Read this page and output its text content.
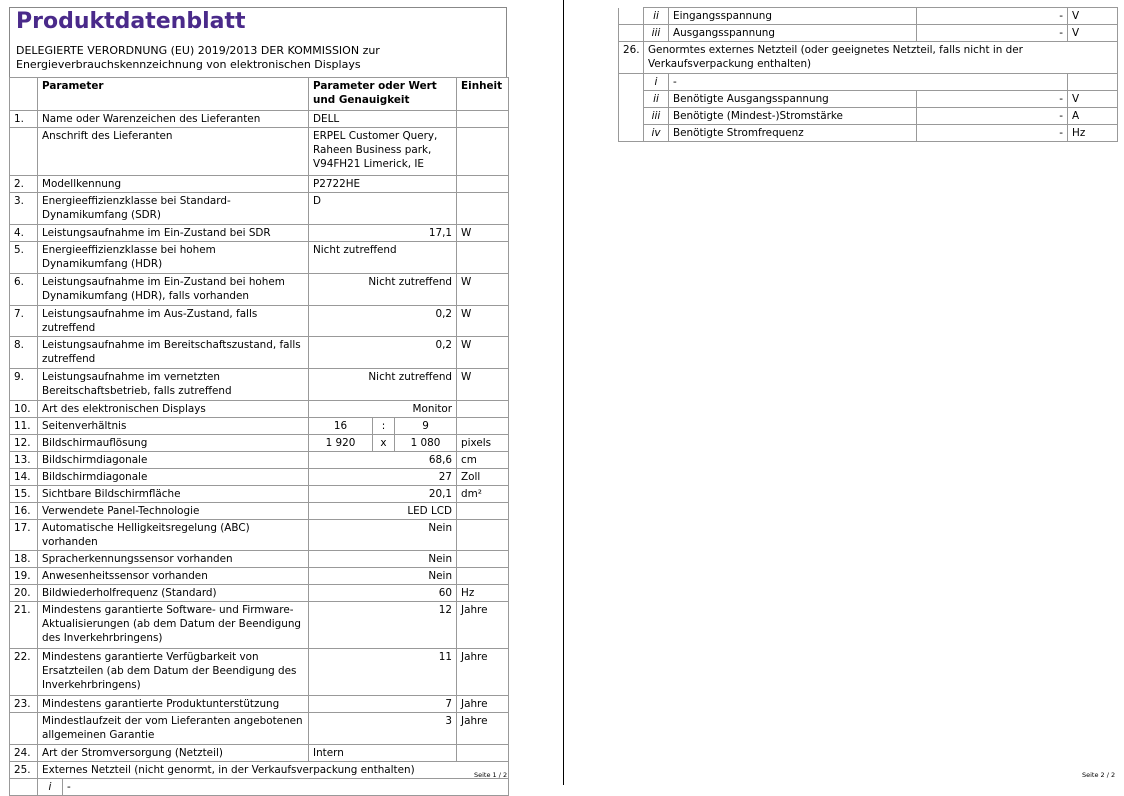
Produktdatenblatt
DELEGIERTE VERORDNUNG (EU) 2019/2013 DER KOMMISSION zur
Energieverbrauchskennzeichnung von elektronischen Displays
	Parameter		Parameter oder Wert und Genauigkeit			Einheit
1.	Name oder Warenzeichen des Lieferanten		DELL			
	Anschrift des Lieferanten		ERPEL Customer Query,
Raheen Business park,
V94FH21 Limerick, IE			

2.	Modellkennung		P2722HE			
3.	Energieeffizienzklasse bei Standard-Dynamikumfang (SDR)		D			
4.	Leistungsaufnahme im Ein-Zustand bei SDR		17,1			W
5.	Energieeffizienzklasse bei hohem Dynamikumfang (HDR)		Nicht zutreffend			
6.	Leistungsaufnahme im Ein-Zustand bei hohem Dynamikumfang (HDR), falls vorhanden		Nicht zutreffend			W
7.	Leistungsaufnahme im Aus-Zustand, falls zutreffend		0,2			W
8.	Leistungsaufnahme im Bereitschaftszustand, falls zutreffend		0,2			W
9.	Leistungsaufnahme im vernetzten Bereitschaftsbetrieb, falls zutreffend		Nicht zutreffend			W
10.	Art des elektronischen Displays		Monitor			
11.	Seitenverhältnis		16	:	9	
12.	Bildschirmauflösung		1 920	x	1 080	pixels
13.	Bildschirmdiagonale		68,6			cm
14.	Bildschirmdiagonale		27			Zoll
15.	Sichtbare Bildschirmfläche		20,1			dm²
16.	Verwendete Panel-Technologie		LED LCD			
17.	Automatische Helligkeitsregelung (ABC) vorhanden		Nein			
18.	Spracherkennungssensor vorhanden		Nein			
19.	Anwesenheitssensor vorhanden		Nein			
20.	Bildwiederholfrequenz (Standard)		60			Hz
21.	Mindestens garantierte Software- und Firmware-Aktualisierungen (ab dem Datum der Beendigung des Inverkehrbringens)		12			Jahre
22.	Mindestens garantierte Verfügbarkeit von Ersatzteilen (ab dem Datum der Beendigung des Inverkehrbringens)		11			Jahre
23.	Mindestens garantierte Produktunterstützung		7			Jahre
	Mindestlaufzeit der vom Lieferanten angebotenen allgemeinen Garantie		3			Jahre
24.	Art der Stromversorgung (Netzteil)		Intern			
25.	Externes Netzteil (nicht genormt, in der Verkaufsverpackung enthalten)					
	i	-				
Seite 1 / 2
	ii	Eingangsspannung	-	V
	iii	Ausgangsspannung	-	V
26.	Genormtes externes Netzteil (oder geeignetes Netzteil, falls nicht in der Verkaufsverpackung enthalten)			
	i	-		
	ii	Benötigte Ausgangsspannung	-	V
	iii	Benötigte (Mindest-)Stromstärke	-	A
	iv	Benötigte Stromfrequenz	-	Hz
Seite 2 / 2
